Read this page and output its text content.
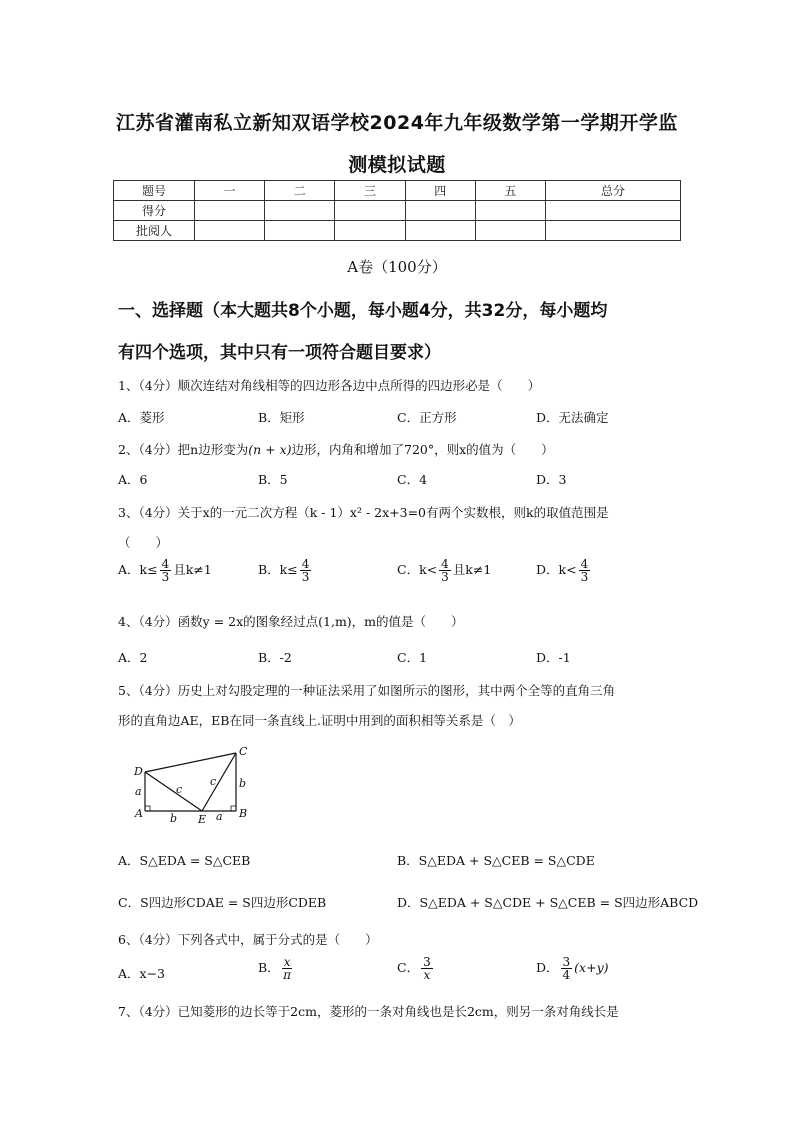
江苏省灌南私立新知双语学校2024年九年级数学第一学期开学监
测模拟试题
题号	一	二	三	四	五	总分
得分						
批阅人						
A卷（100分）
一、选择题（本大题共8个小题，每小题4分，共32分，每小题均
有四个选项，其中只有一项符合题目要求）
1、（4分）顺次连结对角线相等的四边形各边中点所得的四边形必是（　　）
A．菱形	B．矩形	C．正方形	D．无法确定
2、（4分）把n边形变为(n + x)边形，内角和增加了720°，则x的值为（　　）
A．6	B．5	C．4	D．3
3、（4分）关于x的一元二次方程（k - 1）x² - 2x+3=0有两个实数根，则k的取值范围是
（　　）
A．$k\le \frac{4}{3}$ 且k≠1	B．$k\le \frac{4}{3}$	C．$k< \frac{4}{3}$ 且k≠1	D．$k< \frac{4}{3}$
4、（4分）函数y = 2x的图象经过点(1,m)，m的值是（　　）
A．2	B．-2	C．1	D．-1
5、（4分）历史上对勾股定理的一种证法采用了如图所示的图形，其中两个全等的直角三角
形的直角边AE，EB在同一条直线上.证明中用到的面积相等关系是（　）
D
C
a	c
c b
A b E a B
A．S△EDA = S△CEB	B．S△EDA + S△CEB = S△CDE
C．S四边形CDAE = S四边形CDEB	D．S△EDA + S△CDE + S△CEB = S四边形ABCD
6、（4分）下列各式中，属于分式的是（　　）
A．x−3	B． $\frac{x}{\pi}$	C． $\frac{3}{x}$	D． $\frac{3}{4} (x+y)$
7、（4分）已知菱形的边长等于2cm，菱形的一条对角线也是长2cm，则另一条对角线长是
